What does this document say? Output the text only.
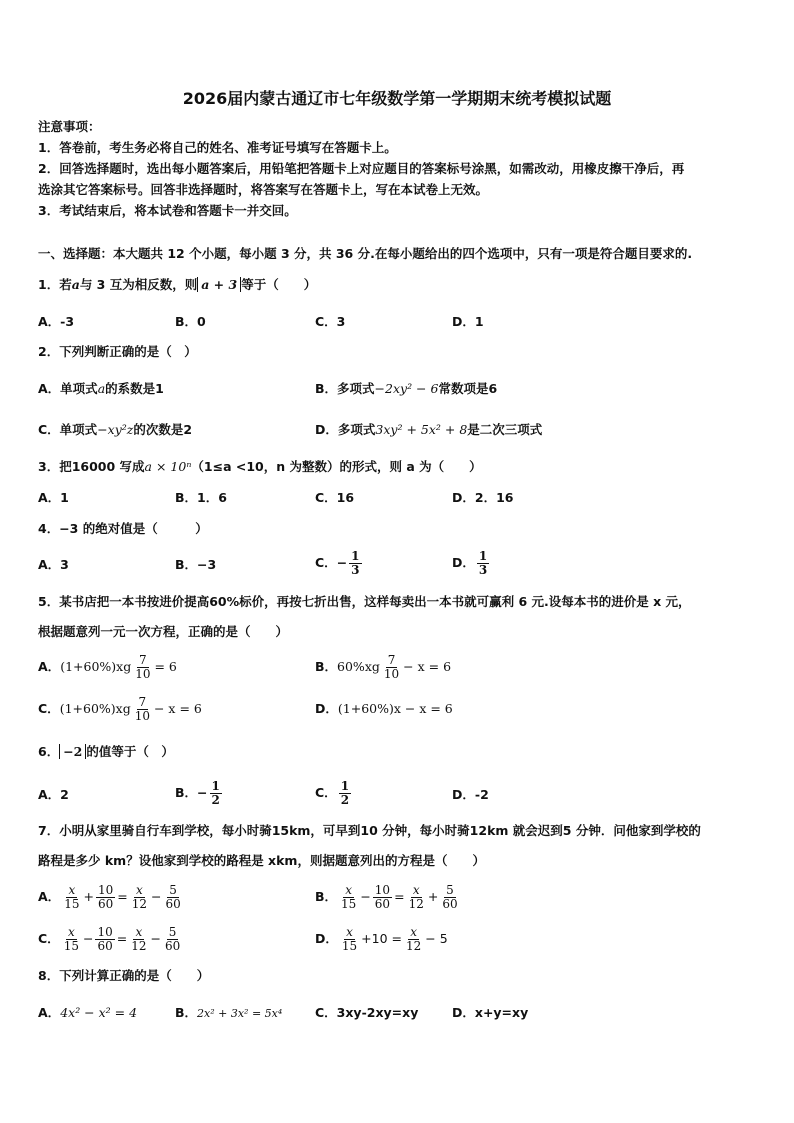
2026届内蒙古通辽市七年级数学第一学期期末统考模拟试题
注意事项：
1．答卷前，考生务必将自己的姓名、准考证号填写在答题卡上。
2．回答选择题时，选出每小题答案后，用铅笔把答题卡上对应题目的答案标号涂黑，如需改动，用橡皮擦干净后，再
选涂其它答案标号。回答非选择题时，将答案写在答题卡上，写在本试卷上无效。
3．考试结束后，将本试卷和答题卡一并交回。
一、选择题：本大题共 12 个小题，每小题 3 分，共 36 分.在每小题给出的四个选项中，只有一项是符合题目要求的.
1．若a与 3 互为相反数，则 a + 3 等于（　　）
A．-3	B．0	C．3	D．1
2．下列判断正确的是（　）
A．单项式a的系数是1	B．多项式−2xy² − 6常数项是6
C．单项式−xy²z的次数是2	D．多项式3xy² + 5x² + 8是二次三项式
3．把16000 写成a × 10ⁿ（1≤a <10，n 为整数）的形式，则 a 为（　　）
A．1	B．1．6	C．16	D．2．16
4．−3 的绝对值是（　　　）
A．3	B．−3	C．− $\frac{1}{3}$	D． $\frac{1}{3}$
5．某书店把一本书按进价提高60%标价，再按七折出售，这样每卖出一本书就可赢利 6 元.设每本书的进价是 x 元，
根据题意列一元一次方程，正确的是（　　）
A．$(1+60\%)xg \frac{7}{10} = 6$	B．$60\%xg \frac{7}{10} - x = 6$
C．$(1+60\%)xg \frac{7}{10} - x = 6$	D．(1+60%)x − x = 6
6． −2 的值等于（　）
A．2	B．− $\frac{1}{2}$	C． $\frac{1}{2}$	D．-2
7．小明从家里骑自行车到学校，每小时骑15km，可早到10 分钟，每小时骑12km 就会迟到5 分钟．问他家到学校的
路程是多少 km？设他家到学校的路程是 xkm，则据题意列出的方程是（　　）
A． $\frac{x}{15} + \frac{10}{60} = \frac{x}{12} - \frac{5}{60}$	B． $\frac{x}{15} - \frac{10}{60} = \frac{x}{12} + \frac{5}{60}$
C． $\frac{x}{15} - \frac{10}{60} = \frac{x}{12} - \frac{5}{60}$	D． $\frac{x}{15} +10 = \frac{x}{12} - 5$
8．下列计算正确的是（　　）
A．4x² − x² = 4	B．2x² + 3x² = 5x⁴	C．3xy-2xy=xy	D．x+y=xy
